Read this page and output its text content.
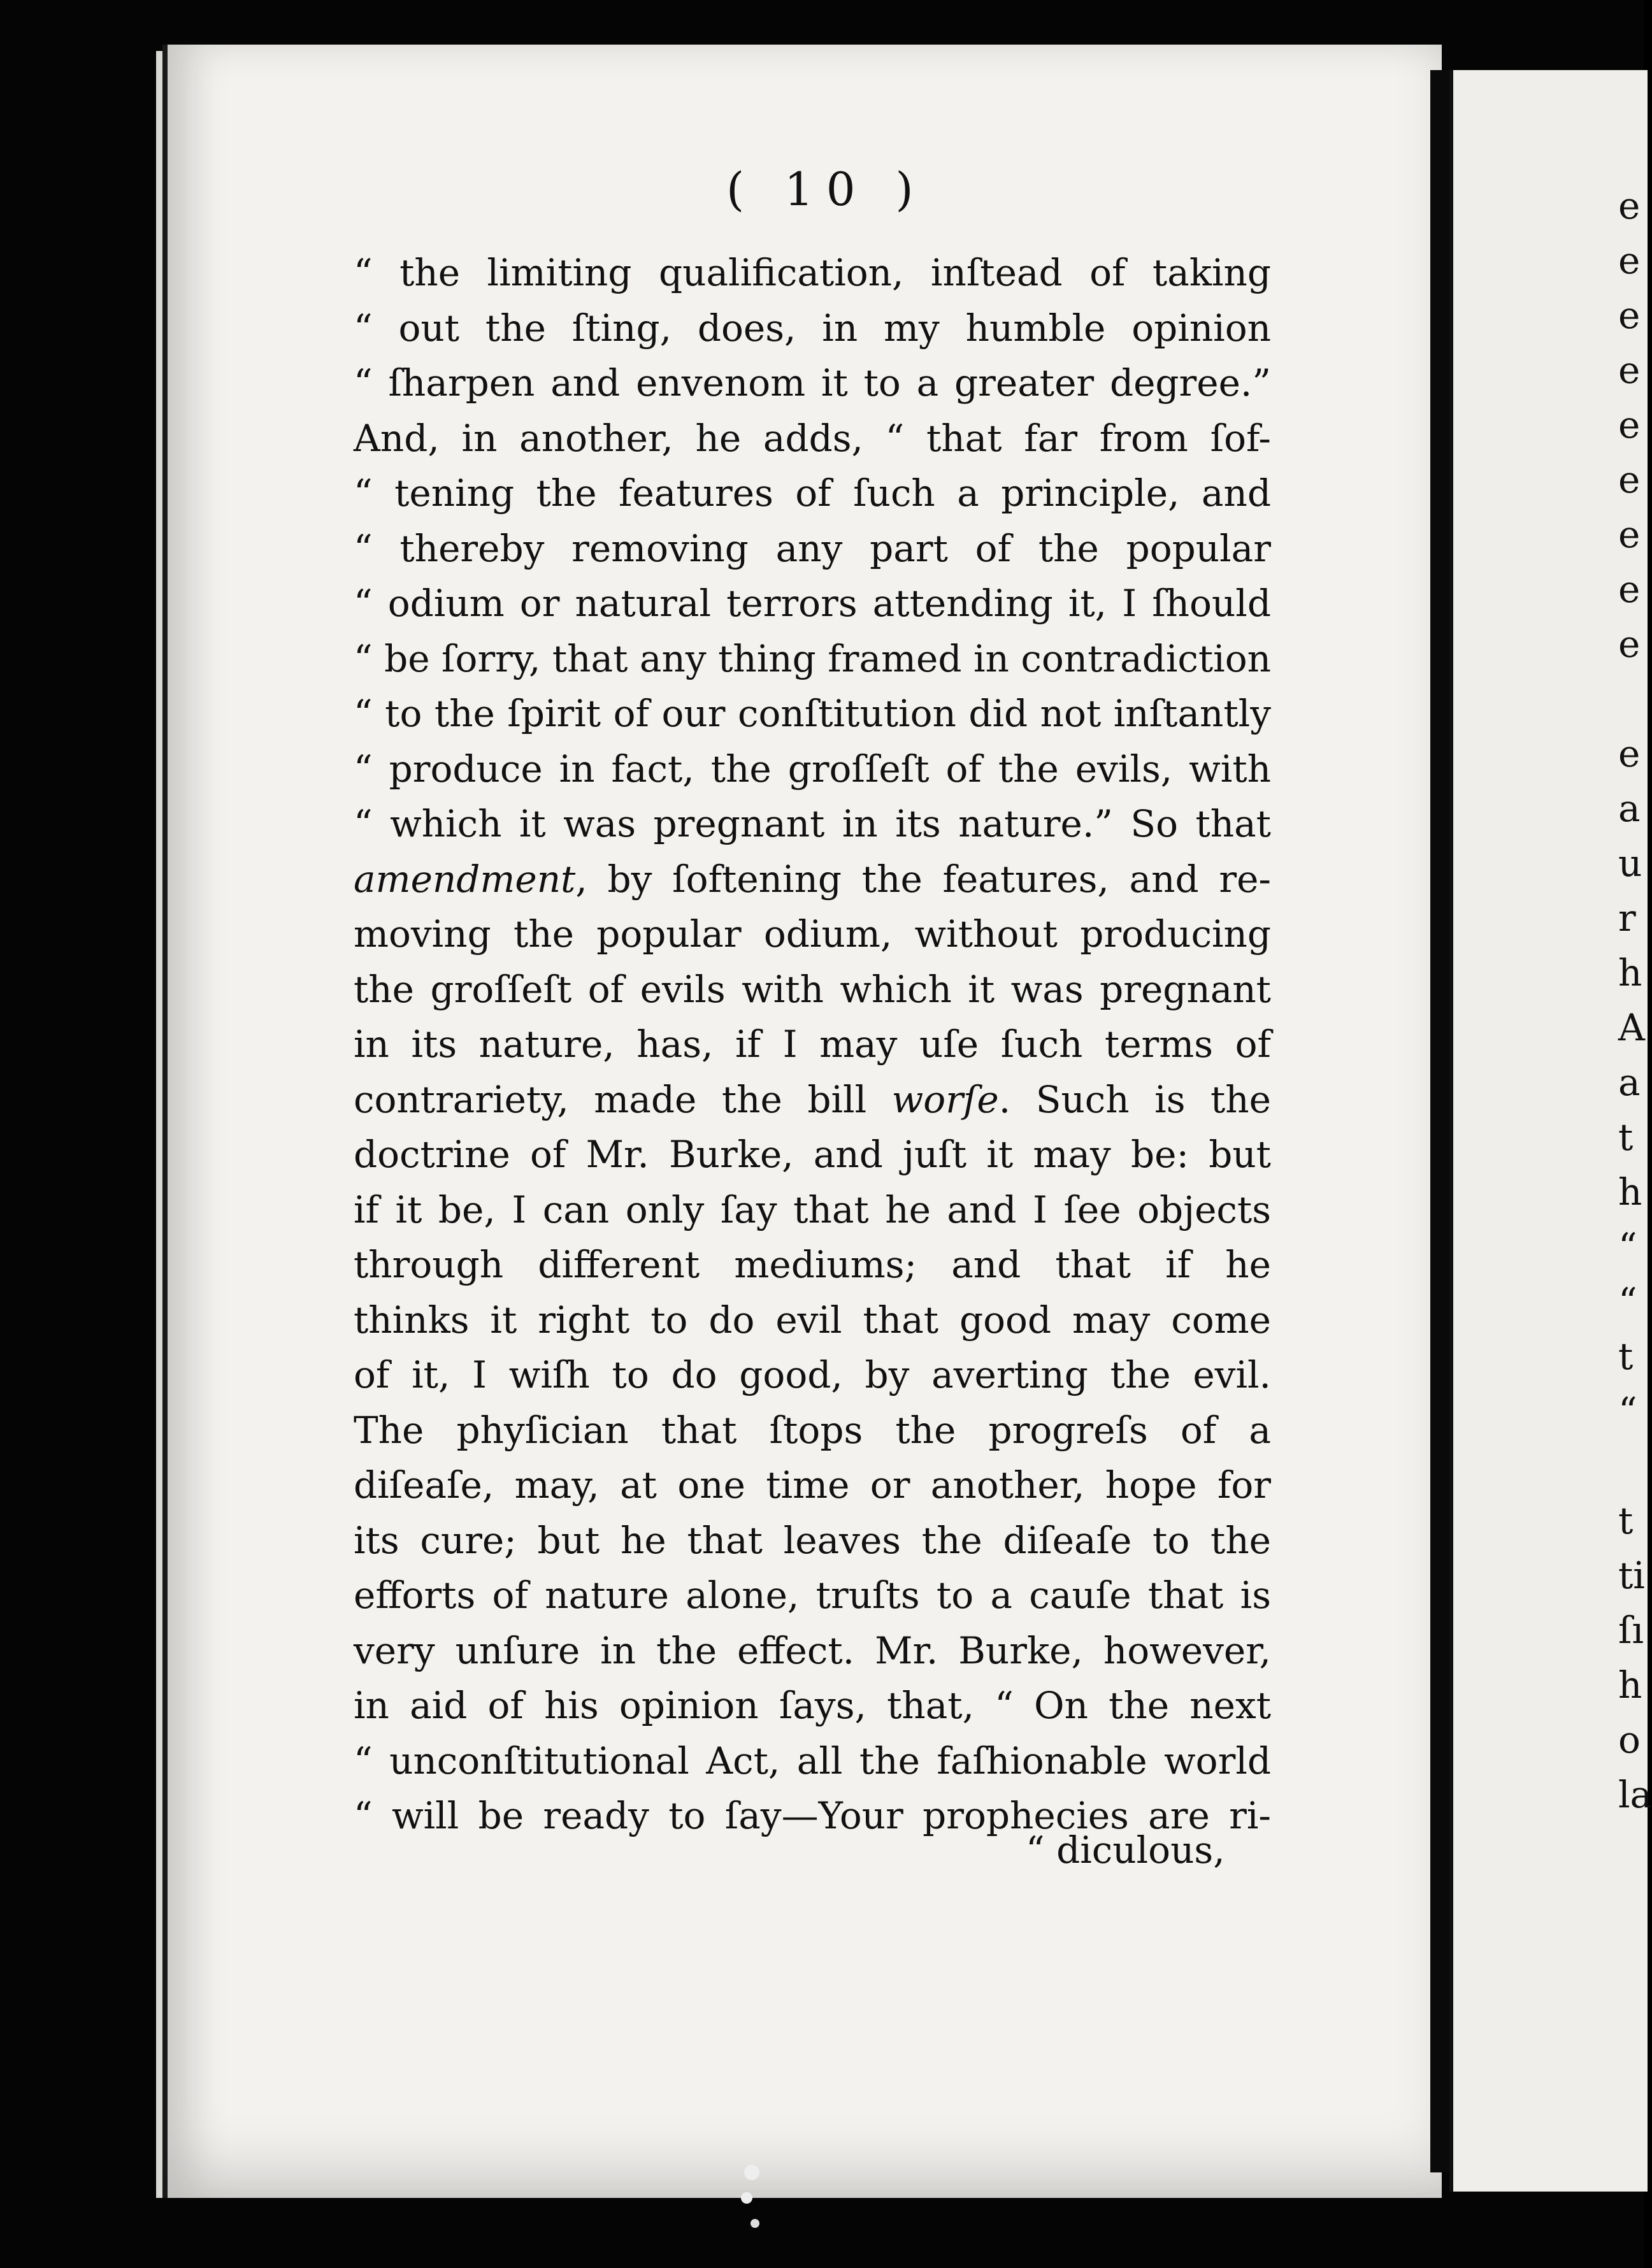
e
e
e
e
e
e
e
e
e

e
a
u
r
h
A
a
t
h
“
“
t
“

t
ti
ſı
h
o
la
( 10 )
“ the limiting qualification, inſtead of taking
“ out the ſting, does, in my humble opinion
“ ſharpen and envenom it to a greater degree.”
And, in another, he adds, “ that far from ſof-
“ tening the features of ſuch a principle, and
“ thereby removing any part of the popular
“ odium or natural terrors attending it, I ſhould
“ be ſorry, that any thing framed in contradiction
“ to the ſpirit of our conſtitution did not inſtantly
“ produce in fact, the groſſeſt of the evils, with
“ which it was pregnant in its nature.” So that
amendment, by ſoftening the features, and re-
moving the popular odium, without producing
the groſſeſt of evils with which it was pregnant
in its nature, has, if I may uſe ſuch terms of
contrariety, made the bill worſe. Such is the
doctrine of Mr. Burke, and juſt it may be: but
if it be, I can only ſay that he and I ſee objects
through different mediums; and that if he
thinks it right to do evil that good may come
of it, I wiſh to do good, by averting the evil.
The phyſician that ſtops the progreſs of a
diſeaſe, may, at one time or another, hope for
its cure; but he that leaves the diſeaſe to the
efforts of nature alone, truſts to a cauſe that is
very unſure in the effect. Mr. Burke, however,
in aid of his opinion ſays, that, “ On the next
“ unconſtitutional Act, all the faſhionable world
“ will be ready to ſay—Your prophecies are ri-
“ diculous,
